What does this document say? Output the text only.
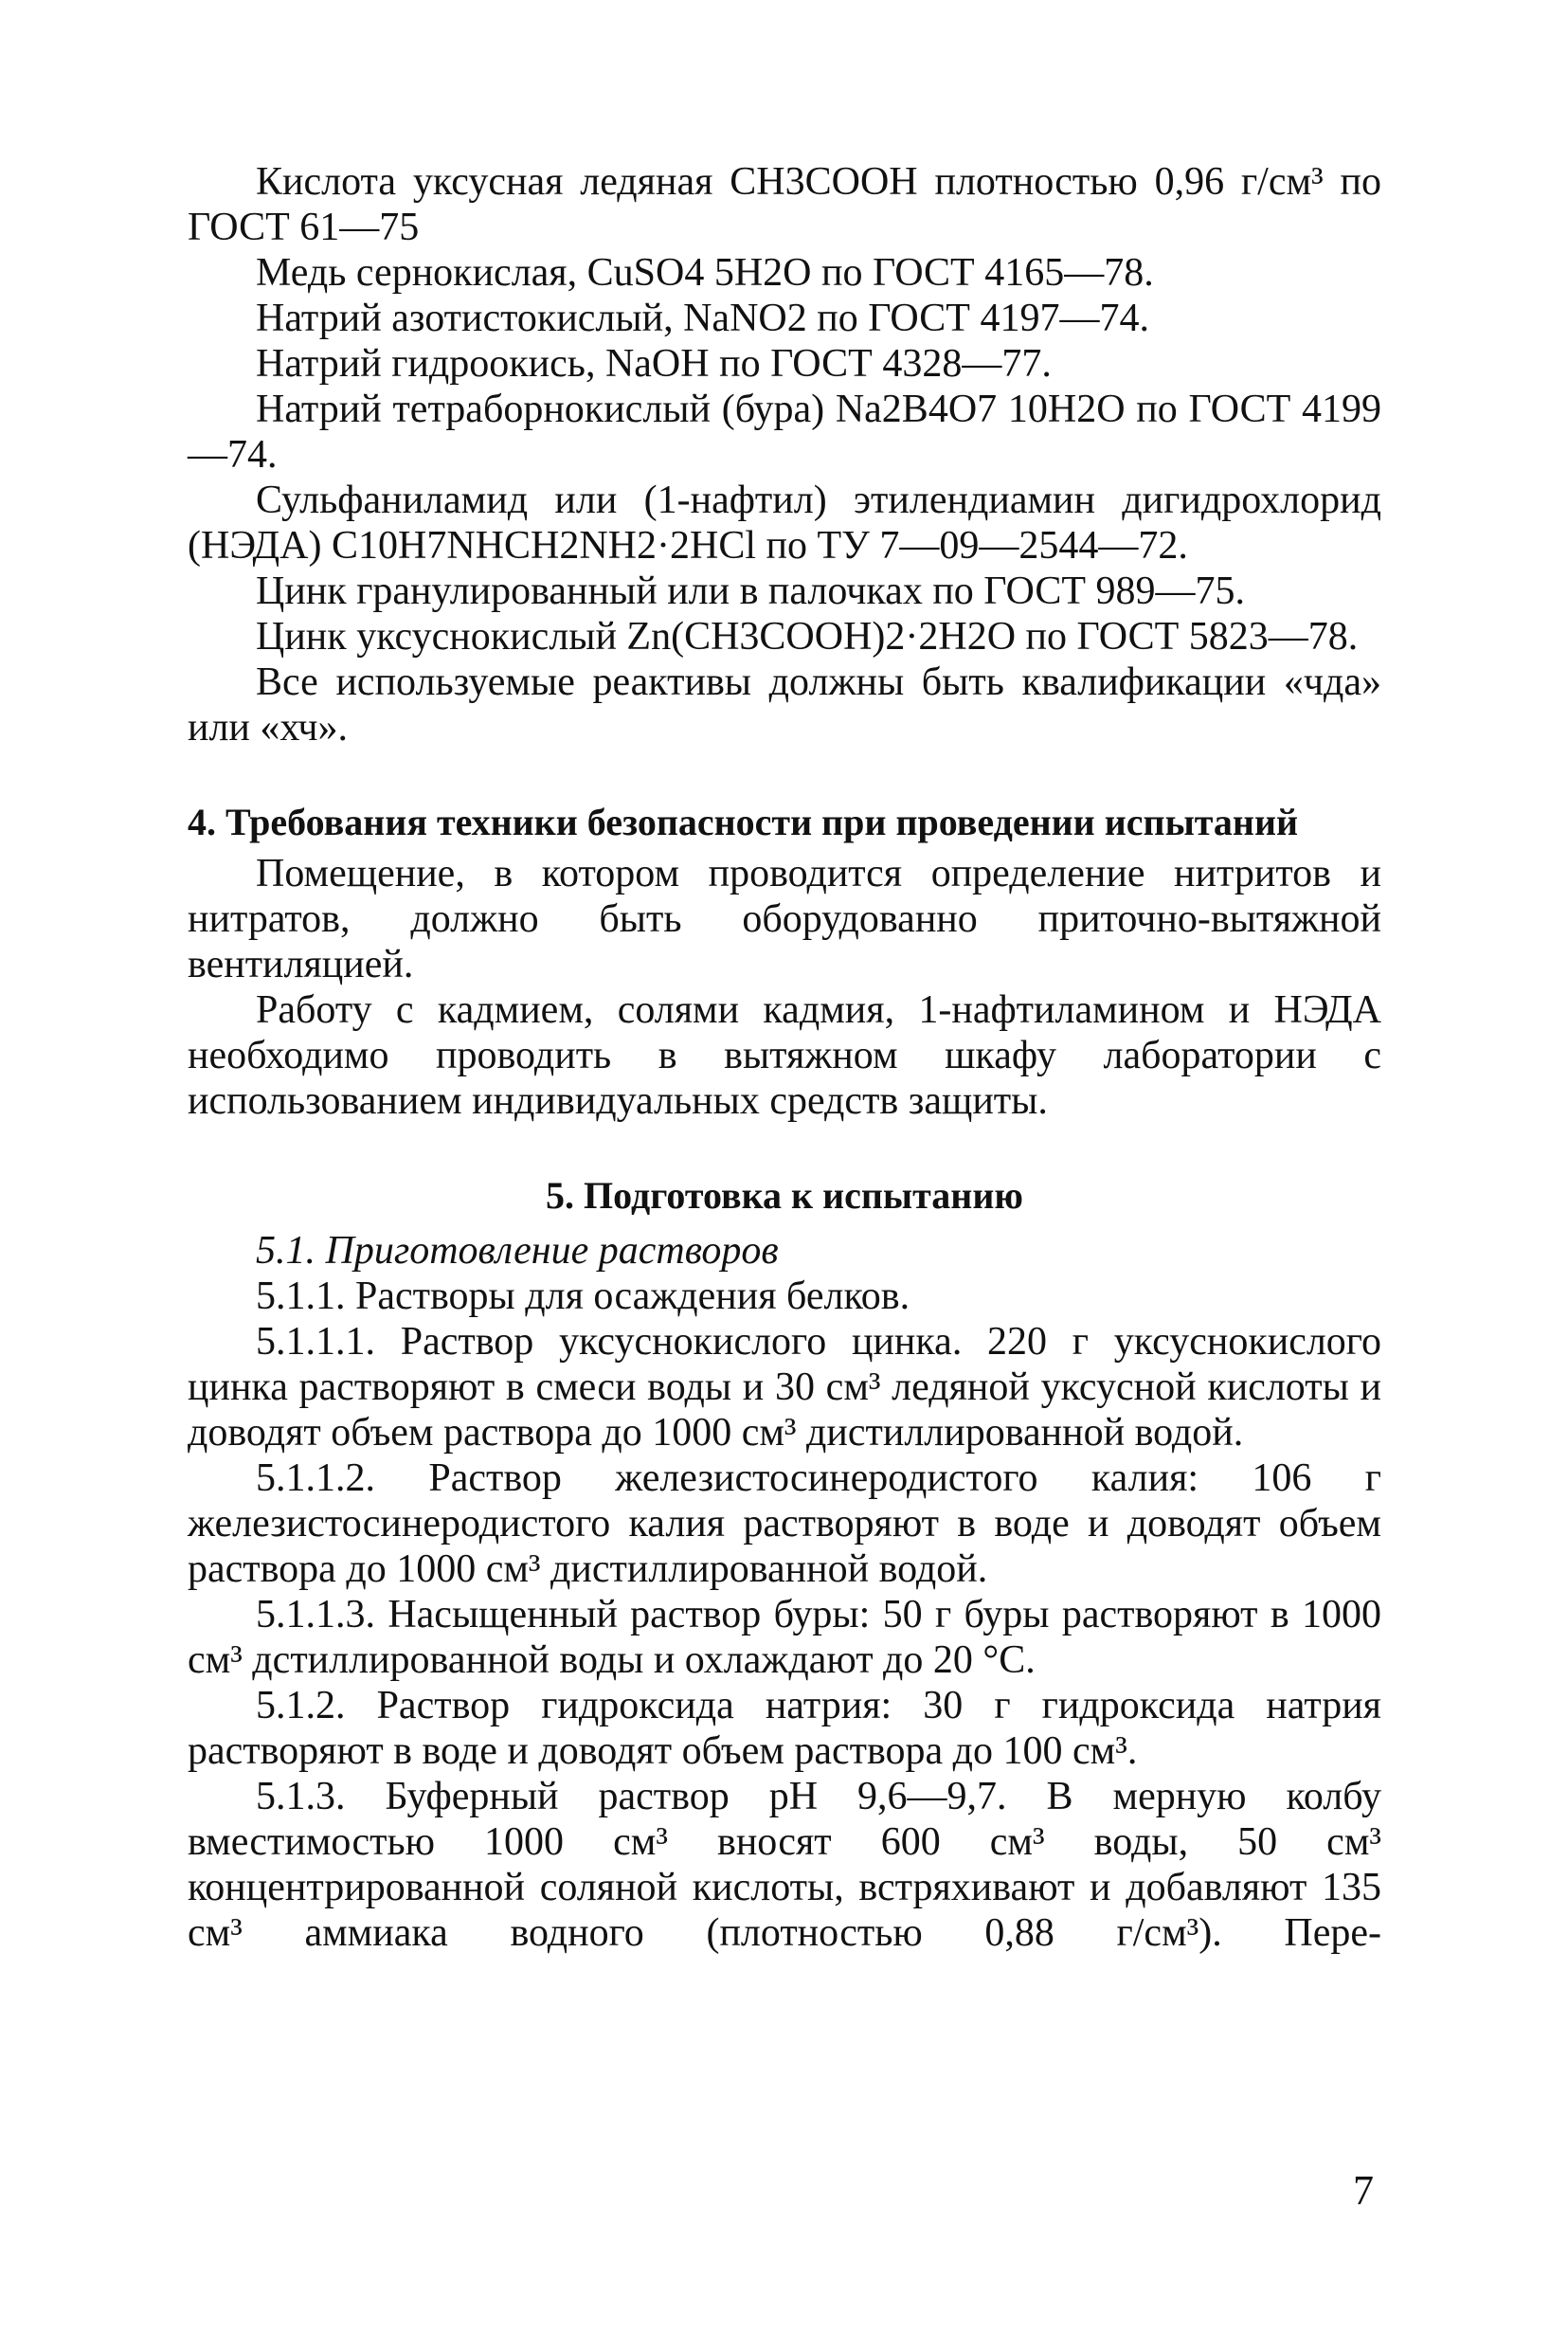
Кислота уксусная ледяная СН3СООН плотностью 0,96 г/см³ по ГОСТ 61—75

Медь сернокислая, CuSO4 5Н2О по ГОСТ 4165—78.

Натрий азотистокислый, NaNO2 по ГОСТ 4197—74.

Натрий гидроокись, NaOH по ГОСТ 4328—77.

Натрий тетраборнокислый (бура) Na2B4O7 10Н2О по ГОСТ 4199—74.

Сульфаниламид или (1-нафтил) этилендиамин дигидрохлорид (НЭДА) С10Н7NНСН2NН2·2НСl по ТУ 7—09—2544—72.

Цинк гранулированный или в палочках по ГОСТ 989—75.

Цинк уксуснокислый Zn(CH3COOH)2·2H2O по ГОСТ 5823—78.

Все используемые реактивы должны быть квалификации «чда» или «хч».

4. Требования техники безопасности при проведении испытаний

Помещение, в котором проводится определение нитритов и нитратов, должно быть оборудованно приточно-вытяжной вентиляцией.

Работу с кадмием, солями кадмия, 1-нафтиламином и НЭДА необходимо проводить в вытяжном шкафу лаборатории с использованием индивидуальных средств защиты.

5. Подготовка к испытанию

5.1. Приготовление растворов

5.1.1. Растворы для осаждения белков.

5.1.1.1. Раствор уксуснокислого цинка. 220 г уксуснокислого цинка растворяют в смеси воды и 30 см³ ледяной уксусной кислоты и доводят объем раствора до 1000 см³ дистиллированной водой.

5.1.1.2. Раствор железистосинеродистого калия: 106 г железистосинеродистого калия растворяют в воде и доводят объем раствора до 1000 см³ дистиллированной водой.

5.1.1.3. Насыщенный раствор буры: 50 г буры растворяют в 1000 см³ дстиллированной воды и охлаждают до 20 °С.

5.1.2. Раствор гидроксида натрия: 30 г гидроксида натрия растворяют в воде и доводят объем раствора до 100 см³.

5.1.3. Буферный раствор рН 9,6—9,7. В мерную колбу вместимостью 1000 см³ вносят 600 см³ воды, 50 см³ концентрированной соляной кислоты, встряхивают и добавляют 135 см³ аммиака водного (плотностью 0,88 г/см³). Пере-

7
